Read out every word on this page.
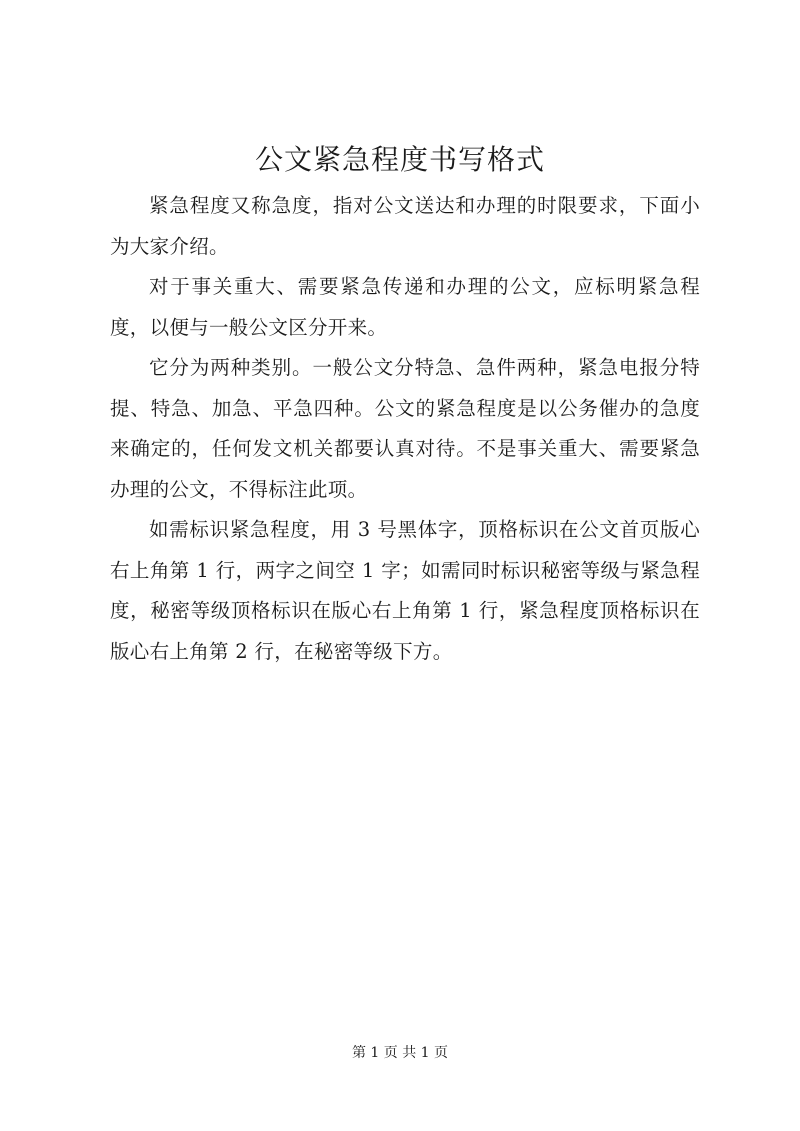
公文紧急程度书写格式

紧急程度又称急度，指对公文送达和办理的时限要求，下面小为大家介绍。

对于事关重大、需要紧急传递和办理的公文，应标明紧急程度，以便与一般公文区分开来。

它分为两种类别。一般公文分特急、急件两种，紧急电报分特提、特急、加急、平急四种。公文的紧急程度是以公务催办的急度来确定的，任何发文机关都要认真对待。不是事关重大、需要紧急办理的公文，不得标注此项。

如需标识紧急程度，用 3 号黑体字，顶格标识在公文首页版心右上角第 1 行，两字之间空 1 字；如需同时标识秘密等级与紧急程度，秘密等级顶格标识在版心右上角第 1 行，紧急程度顶格标识在版心右上角第 2 行，在秘密等级下方。

第 1 页 共 1 页
